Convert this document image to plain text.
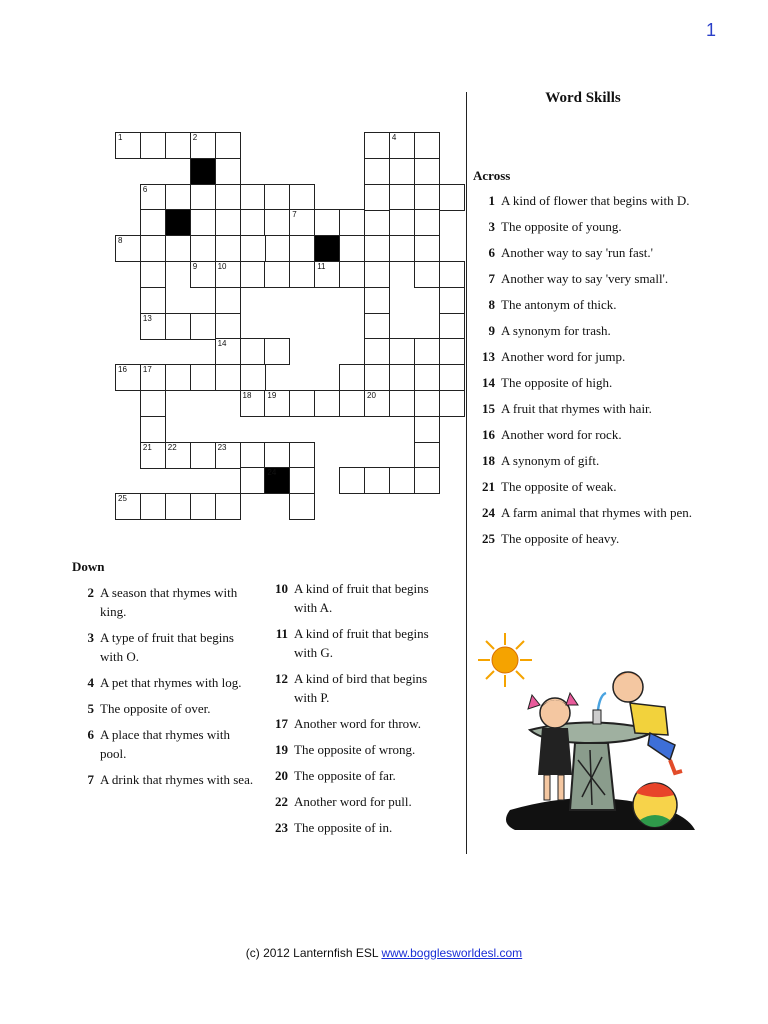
1
1	2	4
6
7
8
9	10	11
13
14
16 17
18 19	20
21 22	23
24
25
Word Skills
Down
2 A season that rhymes with king.
3 A type of fruit that begins with O.
4 A pet that rhymes with log.
5 The opposite of over.
6 A place that rhymes with pool.
7 A drink that rhymes with sea.
10 A kind of fruit that begins with A.
11 A kind of fruit that begins with G.
12 A kind of bird that begins with P.
17 Another word for throw.
19 The opposite of wrong.
20 The opposite of far.
22 Another word for pull.
23 The opposite of in.
Across
1 A kind of flower that begins with D.
3 The opposite of young.
6 Another way to say 'run fast.'
7 Another way to say 'very small'.
8 The antonym of thick.
9 A synonym for trash.
13 Another word for jump.
14 The opposite of high.
15 A fruit that rhymes with hair.
16 Another word for rock.
18 A synonym of gift.
21 The opposite of weak.
24 A farm animal that rhymes with pen.
25 The opposite of heavy.
(c) 2012 Lanternfish ESL www.bogglesworldesl.com
